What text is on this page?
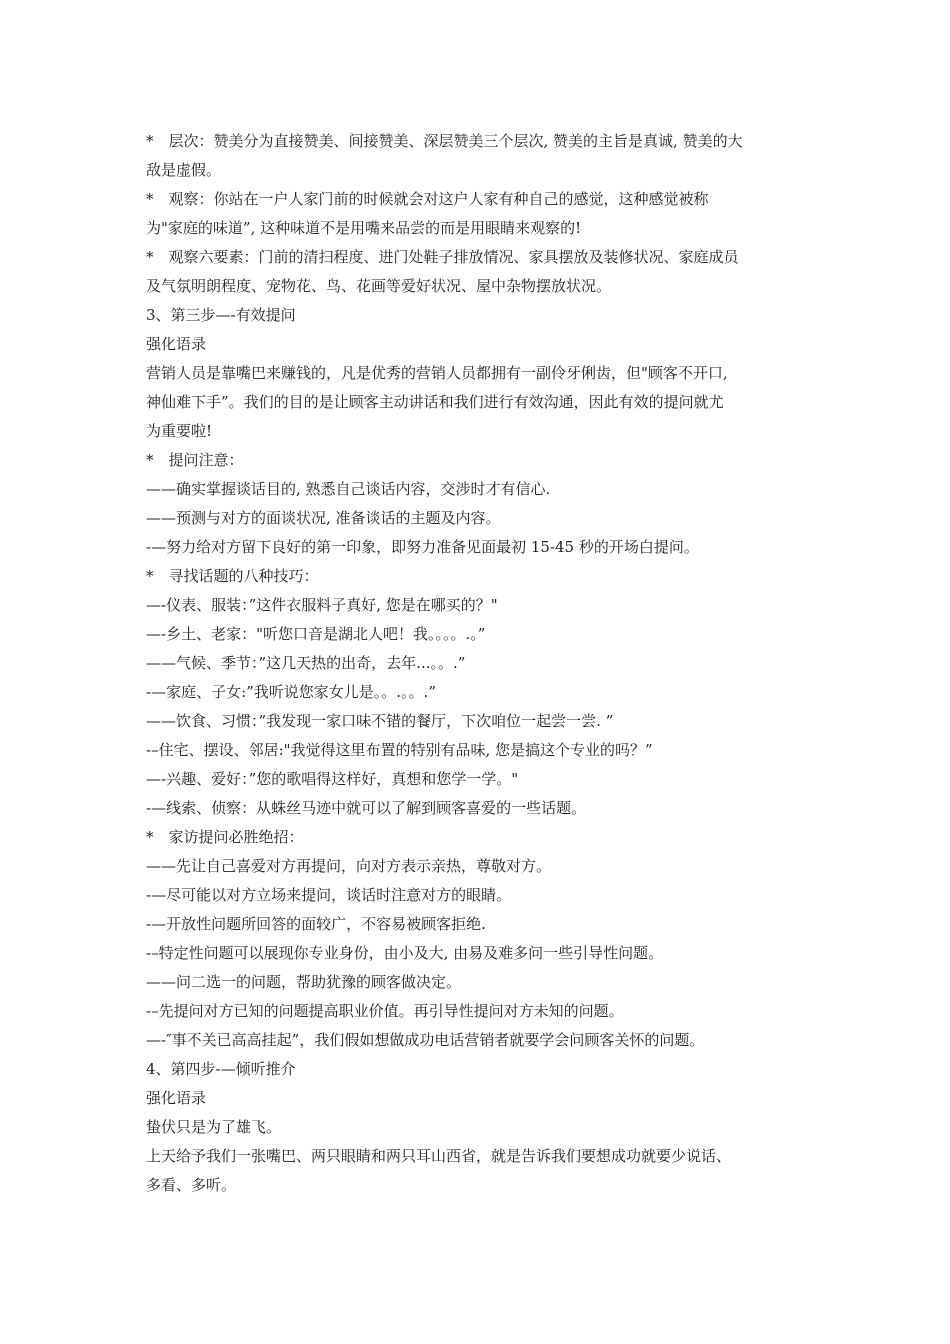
*　层次：赞美分为直接赞美、间接赞美、深层赞美三个层次, 赞美的主旨是真诚, 赞美的大
敌是虚假。
*　观察：你站在一户人家门前的时候就会对这户人家有种自己的感觉，这种感觉被称
为"家庭的味道”, 这种味道不是用嘴来品尝的而是用眼睛来观察的!
*　观察六要素：门前的清扫程度、进门处鞋子排放情况、家具摆放及装修状况、家庭成员
及气氛明朗程度、宠物花、鸟、花画等爱好状况、屋中杂物摆放状况。
3、第三步—-有效提问
强化语录
营销人员是靠嘴巴来赚钱的，凡是优秀的营销人员都拥有一副伶牙俐齿，但"顾客不开口,
神仙难下手”。我们的目的是让顾客主动讲话和我们进行有效沟通，因此有效的提问就尤
为重要啦!
*　提问注意：
——确实掌握谈话目的, 熟悉自己谈话内容，交涉时才有信心.
——预测与对方的面谈状况, 准备谈话的主题及内容。
-—努力给对方留下良好的第一印象，即努力准备见面最初 15-45 秒的开场白提问。
*　寻找话题的八种技巧：
—-仪表、服装：”这件衣服料子真好, 您是在哪买的？"
—-乡土、老家："听您口音是湖北人吧！我。。。。.。”
——气候、季节：”这几天热的出奇，去年...。。.”
-—家庭、子女:”我听说您家女儿是。。.。。.”
——饮食、习惯：”我发现一家口味不错的餐厅，下次咱位一起尝一尝. ”
-–住宅、摆设、邻居:"我觉得这里布置的特别有品味, 您是搞这个专业的吗？”
—-兴趣、爱好：”您的歌唱得这样好，真想和您学一学。"
-—线索、侦察：从蛛丝马迹中就可以了解到顾客喜爱的一些话题。
*　家访提问必胜绝招：
——先让自己喜爱对方再提问，向对方表示亲热，尊敬对方。
-—尽可能以对方立场来提问，谈话时注意对方的眼睛。
-—开放性问题所回答的面较广，不容易被顾客拒绝.
-–特定性问题可以展现你专业身份，由小及大, 由易及难多问一些引导性问题。
——问二选一的问题，帮助犹豫的顾客做决定。
-–先提问对方已知的问题提高职业价值。再引导性提问对方未知的问题。
—-″事不关已高高挂起”，我们假如想做成功电话营销者就要学会问顾客关怀的问题。
4、第四步-—倾听推介
强化语录
蛰伏只是为了雄飞。
上天给予我们一张嘴巴、两只眼睛和两只耳山西省，就是告诉我们要想成功就要少说话、
多看、多听。
